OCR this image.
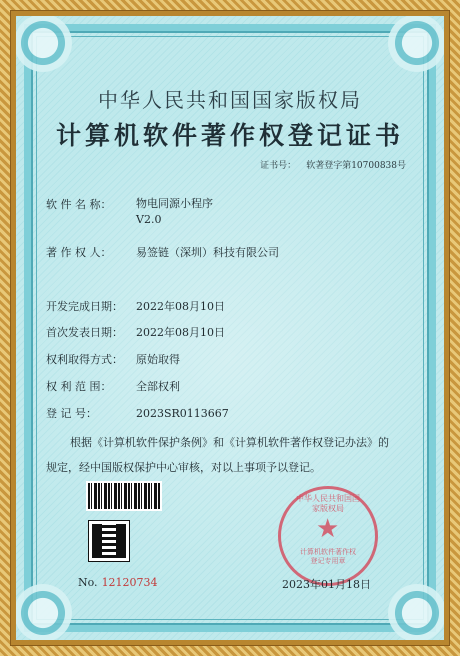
中华人民共和国国家版权局
计算机软件著作权登记证书
证书号： 软著登字第10700838号
软 件 名 称：	物电同源小程序
V2.0
著 作 权 人： 易签链（深圳）科技有限公司
开发完成日期： 2022年08月10日
首次发表日期： 2022年08月10日
权利取得方式： 原始取得
权 利 范 围： 全部权利
登 记 号：	2023SR0113667
根据《计算机软件保护条例》和《计算机软件著作权登记办法》的
规定，经中国版权保护中心审核，对以上事项予以登记。
中华人民共和国国家版权局
★
计算机软件著作权登记专用章
No. 12120734	2023年01月18日
